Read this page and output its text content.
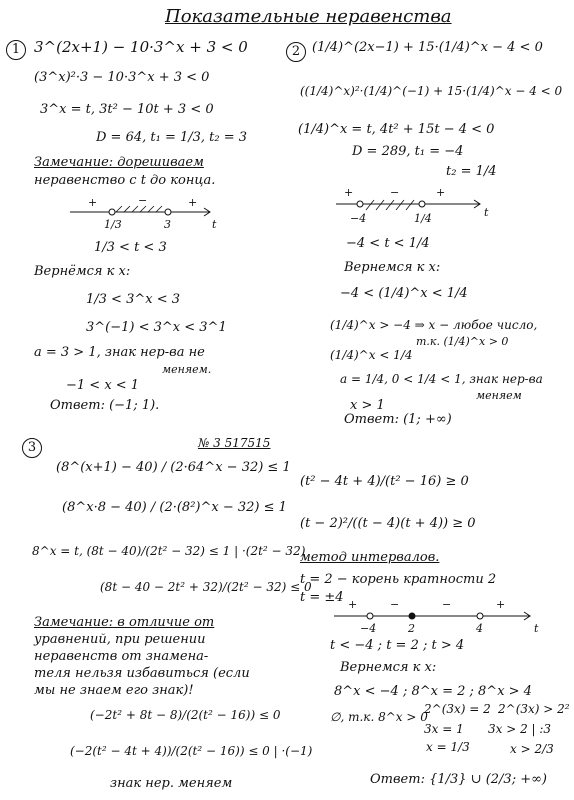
Показательные неравенства
1 3^(2x+1) − 10·3^x + 3 < 0
(3^x)²·3 − 10·3^x + 3 < 0
3^x = t, 3t² − 10t + 3 < 0
D = 64, t₁ = 1/3, t₂ = 3
Замечание: дорешиваем
неравенство с t до конца.
+	−	+
1/3	3	t
1/3 < t < 3
Вернёмся к x:
1/3 < 3^x < 3
3^(−1) < 3^x < 3^1
a = 3 > 1, знак нер-ва не
меняем.
−1 < x < 1
Ответ: (−1; 1).
2 (1/4)^(2x−1) + 15·(1/4)^x − 4 < 0
((1/4)^x)²·(1/4)^(−1) + 15·(1/4)^x − 4 < 0
(1/4)^x = t, 4t² + 15t − 4 < 0
D = 289, t₁ = −4
t₂ = 1/4
+	−	+
−4	1/4	t
−4 < t < 1/4
Вернемся к x:
−4 < (1/4)^x < 1/4
(1/4)^x > −4 ⇒ x − любое число,
т.к. (1/4)^x > 0
(1/4)^x < 1/4
a = 1/4, 0 < 1/4 < 1, знак нер-ва
меняем
x > 1
Ответ: (1; +∞)
3	№ 3 517515
(8^(x+1) − 40) / (2·64^x − 32) ≤ 1
(8^x·8 − 40) / (2·(8²)^x − 32) ≤ 1
8^x = t, (8t − 40)/(2t² − 32) ≤ 1 | ·(2t² − 32)
(8t − 40 − 2t² + 32)/(2t² − 32) ≤ 0
Замечание: в отличие от
уравнений, при решении
неравенств от знамена-
теля нельзя избавиться (если
мы не знаем его знак)!
(−2t² + 8t − 8)/(2(t² − 16)) ≤ 0
(−2(t² − 4t + 4))/(2(t² − 16)) ≤ 0 | ·(−1)
знак нер. меняем
(t² − 4t + 4)/(t² − 16) ≥ 0
(t − 2)²/((t − 4)(t + 4)) ≥ 0
метод интервалов.
t = 2 − корень кратности 2
t = ±4 +	−	−	+
−4	2	4	t
t < −4 ; t = 2 ; t > 4
Вернемся к x:
8^x < −4 ; 8^x = 2 ; 8^x > 4
∅, т.к. 8^x > 0
2^(3x) = 2
3x = 1
x = 1/3
2^(3x) > 2²
3x > 2 | :3
x > 2/3
Ответ: {1/3} ∪ (2/3; +∞)
